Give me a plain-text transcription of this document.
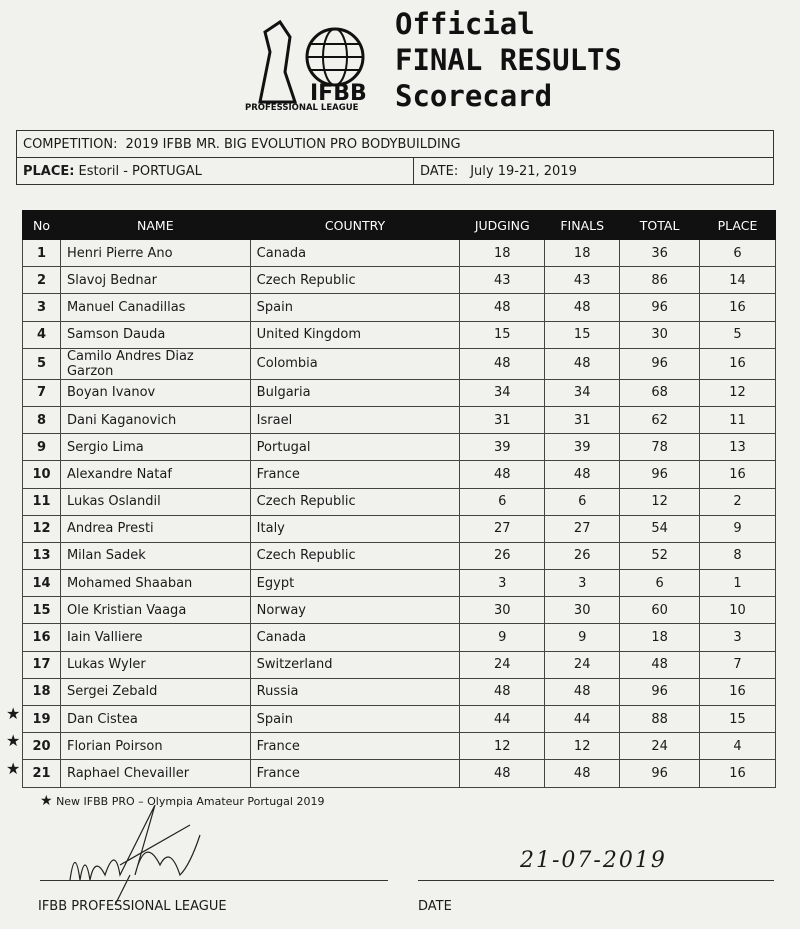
IFBB
PROFESSIONAL LEAGUE
Official
FINAL RESULTS
Scorecard
COMPETITION: 2019 IFBB MR. BIG EVOLUTION PRO BODYBUILDING
PLACE: Estoril - PORTUGAL	DATE: July 19-21, 2019
No	NAME	COUNTRY	JUDGING	FINALS	TOTAL	PLACE
1	Henri Pierre Ano	Canada	18	18	36	6
2	Slavoj Bednar	Czech Republic	43	43	86	14
3	Manuel Canadillas	Spain	48	48	96	16
4	Samson Dauda	United Kingdom	15	15	30	5
5	Camilo Andres Diaz Garzon	Colombia	48	48	96	16
7	Boyan Ivanov	Bulgaria	34	34	68	12
8	Dani Kaganovich	Israel	31	31	62	11
9	Sergio Lima	Portugal	39	39	78	13
10	Alexandre Nataf	France	48	48	96	16
11	Lukas Oslandil	Czech Republic	6	6	12	2
12	Andrea Presti	Italy	27	27	54	9
13	Milan Sadek	Czech Republic	26	26	52	8
14	Mohamed Shaaban	Egypt	3	3	6	1
15	Ole Kristian Vaaga	Norway	30	30	60	10
16	Iain Valliere	Canada	9	9	18	3
17	Lukas Wyler	Switzerland	24	24	48	7
18	Sergei Zebald	Russia	48	48	96	16
19	Dan Cistea	Spain	44	44	88	15
20	Florian Poirson	France	12	12	24	4
21	Raphael Chevailler	France	48	48	96	16
★
★
★
★ New IFBB PRO – Olympia Amateur Portugal 2019
21-07-2019
IFBB PROFESSIONAL LEAGUE	DATE
